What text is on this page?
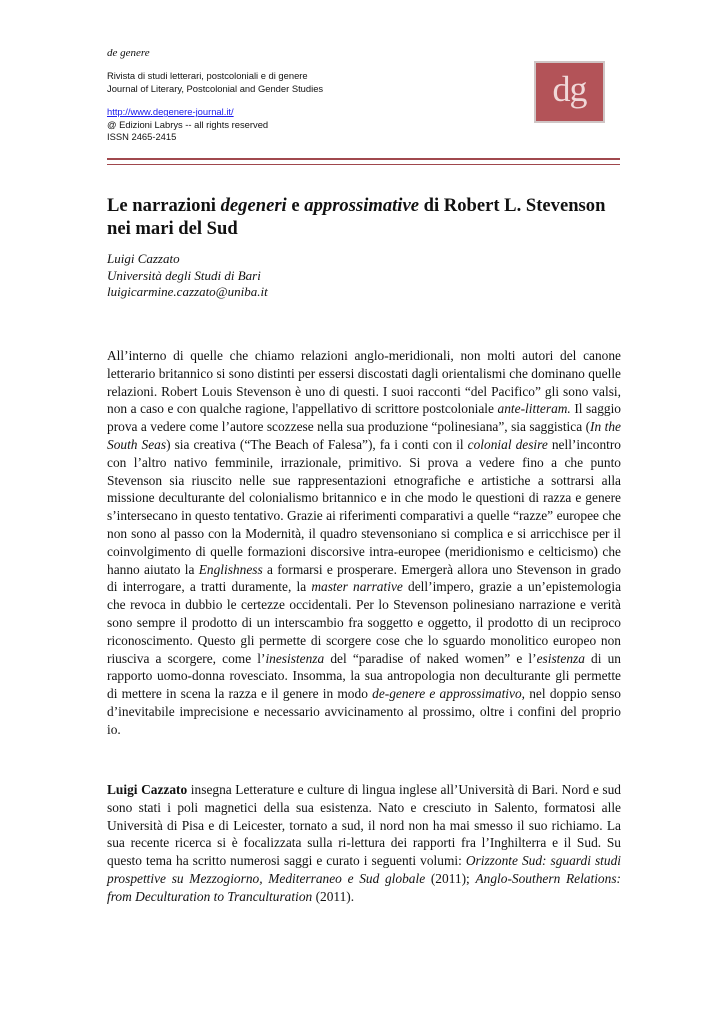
de genere
Rivista di studi letterari, postcoloniali e di genere
Journal of Literary, Postcolonial and Gender Studies
http://www.degenere-journal.it/
@ Edizioni Labrys -- all rights reserved
ISSN 2465-2415
dg
Le narrazioni degeneri e approssimative di Robert L. Stevenson nei mari del Sud
Luigi Cazzato
Università degli Studi di Bari
luigicarmine.cazzato@uniba.it

All’interno di quelle che chiamo relazioni anglo-meridionali, non molti autori del canone letterario britannico si sono distinti per essersi discostati dagli orientalismi che dominano quelle relazioni. Robert Louis Stevenson è uno di questi. I suoi racconti “del Pacifico” gli sono valsi, non a caso e con qualche ragione, l'appellativo di scrittore postcoloniale ante-litteram. Il saggio prova a vedere come l’autore scozzese nella sua produzione “polinesiana”, sia saggistica (In the South Seas) sia creativa (“The Beach of Falesa”), fa i conti con il colonial desire nell’incontro con l’altro nativo femminile, irrazionale, primitivo. Si prova a vedere fino a che punto Stevenson sia riuscito nelle sue rappresentazioni etnografiche e artistiche a sottrarsi alla missione deculturante del colonialismo britannico e in che modo le questioni di razza e genere s’intersecano in questo tentativo. Grazie ai riferimenti comparativi a quelle “razze” europee che non sono al passo con la Modernità, il quadro stevensoniano si complica e si arricchisce per il coinvolgimento di quelle formazioni discorsive intra-europee (meridionismo e celticismo) che hanno aiutato la Englishness a formarsi e prosperare. Emergerà allora uno Stevenson in grado di interrogare, a tratti duramente, la master narrative dell’impero, grazie a un’epistemologia che revoca in dubbio le certezze occidentali. Per lo Stevenson polinesiano narrazione e verità sono sempre il prodotto di un interscambio fra soggetto e oggetto, il prodotto di un reciproco riconoscimento. Questo gli permette di scorgere cose che lo sguardo monolitico europeo non riusciva a scorgere, come l’inesistenza del “paradise of naked women” e l’esistenza di un rapporto uomo-donna rovesciato. Insomma, la sua antropologia non deculturante gli permette di mettere in scena la razza e il genere in modo de-genere e approssimativo, nel doppio senso d’inevitabile imprecisione e necessario avvicinamento al prossimo, oltre i confini del proprio io.

Luigi Cazzato insegna Letterature e culture di lingua inglese all’Università di Bari. Nord e sud sono stati i poli magnetici della sua esistenza. Nato e cresciuto in Salento, formatosi alle Università di Pisa e di Leicester, tornato a sud, il nord non ha mai smesso il suo richiamo. La sua recente ricerca si è focalizzata sulla ri-lettura dei rapporti fra l’Inghilterra e il Sud. Su questo tema ha scritto numerosi saggi e curato i seguenti volumi: Orizzonte Sud: sguardi studi prospettive su Mezzogiorno, Mediterraneo e Sud globale (2011); Anglo-Southern Relations: from Deculturation to Tranculturation (2011).
